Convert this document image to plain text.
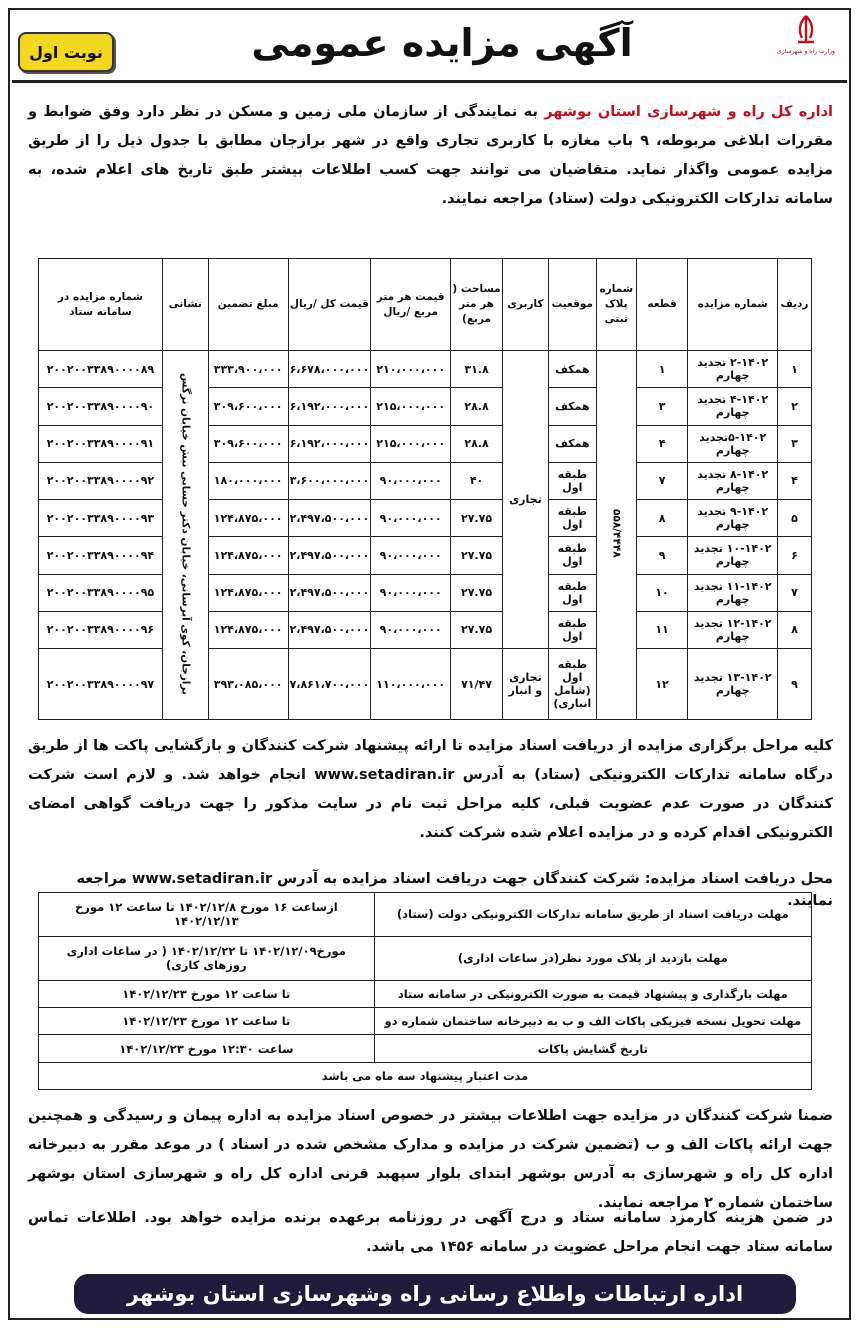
نوبت اول	آگهی مزایده عمومی	وزارت راه و شهرسازی
اداره کل راه و شهرسازی استان بوشهر به نمایندگی از سازمان ملی زمین و مسکن در نظر دارد وفق ضوابط و مقررات ابلاغی مربوطه، ۹ باب مغازه با کاربری تجاری واقع در شهر برازجان مطابق با جدول ذیل را از طریق مزایده عمومی واگذار نماید. متقاضیان می توانند جهت کسب اطلاعات بیشتر طبق تاریخ های اعلام شده، به سامانه تدارکات الکترونیکی دولت (ستاد) مراجعه نمایند.
ردیف	شماره مزایده	قطعه	شماره پلاک ثبتی	موقعیت	کاربری	مساحت ( هر متر مربع)	قیمت هر متر مربع /ریال	قیمت کل /ریال	مبلغ تضمین	نشانی	شماره مزایده در سامانه ستاد
۱	۲-۱۴۰۲ تجدید چهارم	۱	۵۵۸/۴۴۴۸	همکف	تجاری	۳۱.۸	۲۱۰،۰۰۰،۰۰۰	۶،۶۷۸،۰۰۰،۰۰۰	۳۳۳،۹۰۰،۰۰۰	برازجان، کوی آبرسانی، خیابان دکتر حسابی نبش خیابان نرگس	۲۰۰۲۰۰۳۳۸۹۰۰۰۰۸۹
۲	۴-۱۴۰۲ تجدید چهارم	۳		همکف		۲۸.۸	۲۱۵،۰۰۰،۰۰۰	۶،۱۹۲،۰۰۰،۰۰۰	۳۰۹،۶۰۰،۰۰۰		۲۰۰۲۰۰۳۳۸۹۰۰۰۰۹۰
۳	۵-۱۴۰۲تجدید چهارم	۴		همکف		۲۸.۸	۲۱۵،۰۰۰،۰۰۰	۶،۱۹۲،۰۰۰،۰۰۰	۳۰۹،۶۰۰،۰۰۰		۲۰۰۲۰۰۳۳۸۹۰۰۰۰۹۱
۴	۸-۱۴۰۲ تجدید چهارم	۷		طبقه اول		۴۰	۹۰،۰۰۰،۰۰۰	۳،۶۰۰،۰۰۰،۰۰۰	۱۸۰،۰۰۰،۰۰۰		۲۰۰۲۰۰۳۳۸۹۰۰۰۰۹۲
۵	۹-۱۴۰۲ تجدید چهارم	۸		طبقه اول		۲۷.۷۵	۹۰،۰۰۰،۰۰۰	۲،۴۹۷،۵۰۰،۰۰۰	۱۲۴،۸۷۵،۰۰۰		۲۰۰۲۰۰۳۳۸۹۰۰۰۰۹۳
۶	۱۰-۱۴۰۲ تجدید چهارم	۹		طبقه اول		۲۷.۷۵	۹۰،۰۰۰،۰۰۰	۲،۴۹۷،۵۰۰،۰۰۰	۱۲۴،۸۷۵،۰۰۰		۲۰۰۲۰۰۳۳۸۹۰۰۰۰۹۴
۷	۱۱-۱۴۰۲ تجدید چهارم	۱۰		طبقه اول		۲۷.۷۵	۹۰،۰۰۰،۰۰۰	۲،۴۹۷،۵۰۰،۰۰۰	۱۲۴،۸۷۵،۰۰۰		۲۰۰۲۰۰۳۳۸۹۰۰۰۰۹۵
۸	۱۲-۱۴۰۲ تجدید چهارم	۱۱		طبقه اول		۲۷.۷۵	۹۰،۰۰۰،۰۰۰	۲،۴۹۷،۵۰۰،۰۰۰	۱۲۴،۸۷۵،۰۰۰		۲۰۰۲۰۰۳۳۸۹۰۰۰۰۹۶
۹	۱۳-۱۴۰۲ تجدید چهارم	۱۲		طبقه اول (شامل انباری)	تجاری و انبار	۷۱/۴۷	۱۱۰،۰۰۰،۰۰۰	۷،۸۶۱،۷۰۰،۰۰۰	۳۹۳،۰۸۵،۰۰۰		۲۰۰۲۰۰۳۳۸۹۰۰۰۰۹۷
کلیه مراحل برگزاری مزایده از دریافت اسناد مزایده تا ارائه پیشنهاد شرکت کنندگان و بازگشایی پاکت ها از طریق درگاه سامانه تدارکات الکترونیکی (ستاد) به آدرس www.setadiran.ir انجام خواهد شد. و لازم است شرکت کنندگان در صورت عدم عضویت قبلی، کلیه مراحل ثبت نام در سایت مذکور را جهت دریافت گواهی امضای الکترونیکی اقدام کرده و در مزایده اعلام شده شرکت کنند.
محل دریافت اسناد مزایده: شرکت کنندگان جهت دریافت اسناد مزایده به آدرس www.setadiran.ir مراجعه نمایند.
مهلت دریافت اسناد از طریق سامانه تدارکات الکترونیکی دولت (ستاد)	ازساعت ۱۶ مورخ ۱۴۰۲/۱۲/۸ تا ساعت ۱۲ مورخ ۱۴۰۲/۱۲/۱۳
مهلت بازدید از پلاک مورد نظر(در ساعات اداری)	مورخ۱۴۰۲/۱۲/۰۹ تا ۱۴۰۲/۱۲/۲۲ ( در ساعات اداری روزهای کاری)
مهلت بارگذاری و پیشنهاد قیمت به صورت الکترونیکی در سامانه ستاد	تا ساعت ۱۲ مورخ ۱۴۰۲/۱۲/۲۳
مهلت تحویل نسخه فیزیکی پاکات الف و ب به دبیرخانه ساختمان شماره دو	تا ساعت ۱۲ مورخ ۱۴۰۲/۱۲/۲۳
تاریخ گشایش پاکات	ساعت ۱۲:۳۰ مورخ ۱۴۰۲/۱۲/۲۳
مدت اعتبار پیشنهاد سه ماه می باشد	
ضمنا شرکت کنندگان در مزایده جهت اطلاعات بیشتر در خصوص اسناد مزایده به اداره پیمان و رسیدگی و همچنین جهت ارائه پاکات الف و ب (تضمین شرکت در مزایده و مدارک مشخص شده در اسناد ) در موعد مقرر به دبیرخانه اداره کل راه و شهرسازی به آدرس بوشهر ابتدای بلوار سپهبد قرنی اداره کل راه و شهرسازی استان بوشهر ساختمان شماره ۲ مراجعه نمایند.
در ضمن هزینه کارمزد سامانه ستاد و درج آگهی در روزنامه برعهده برنده مزایده خواهد بود. اطلاعات تماس سامانه ستاد جهت انجام مراحل عضویت در سامانه ۱۴۵۶ می باشد.
اداره ارتباطات واطلاع رسانی راه وشهرسازی استان بوشهر
